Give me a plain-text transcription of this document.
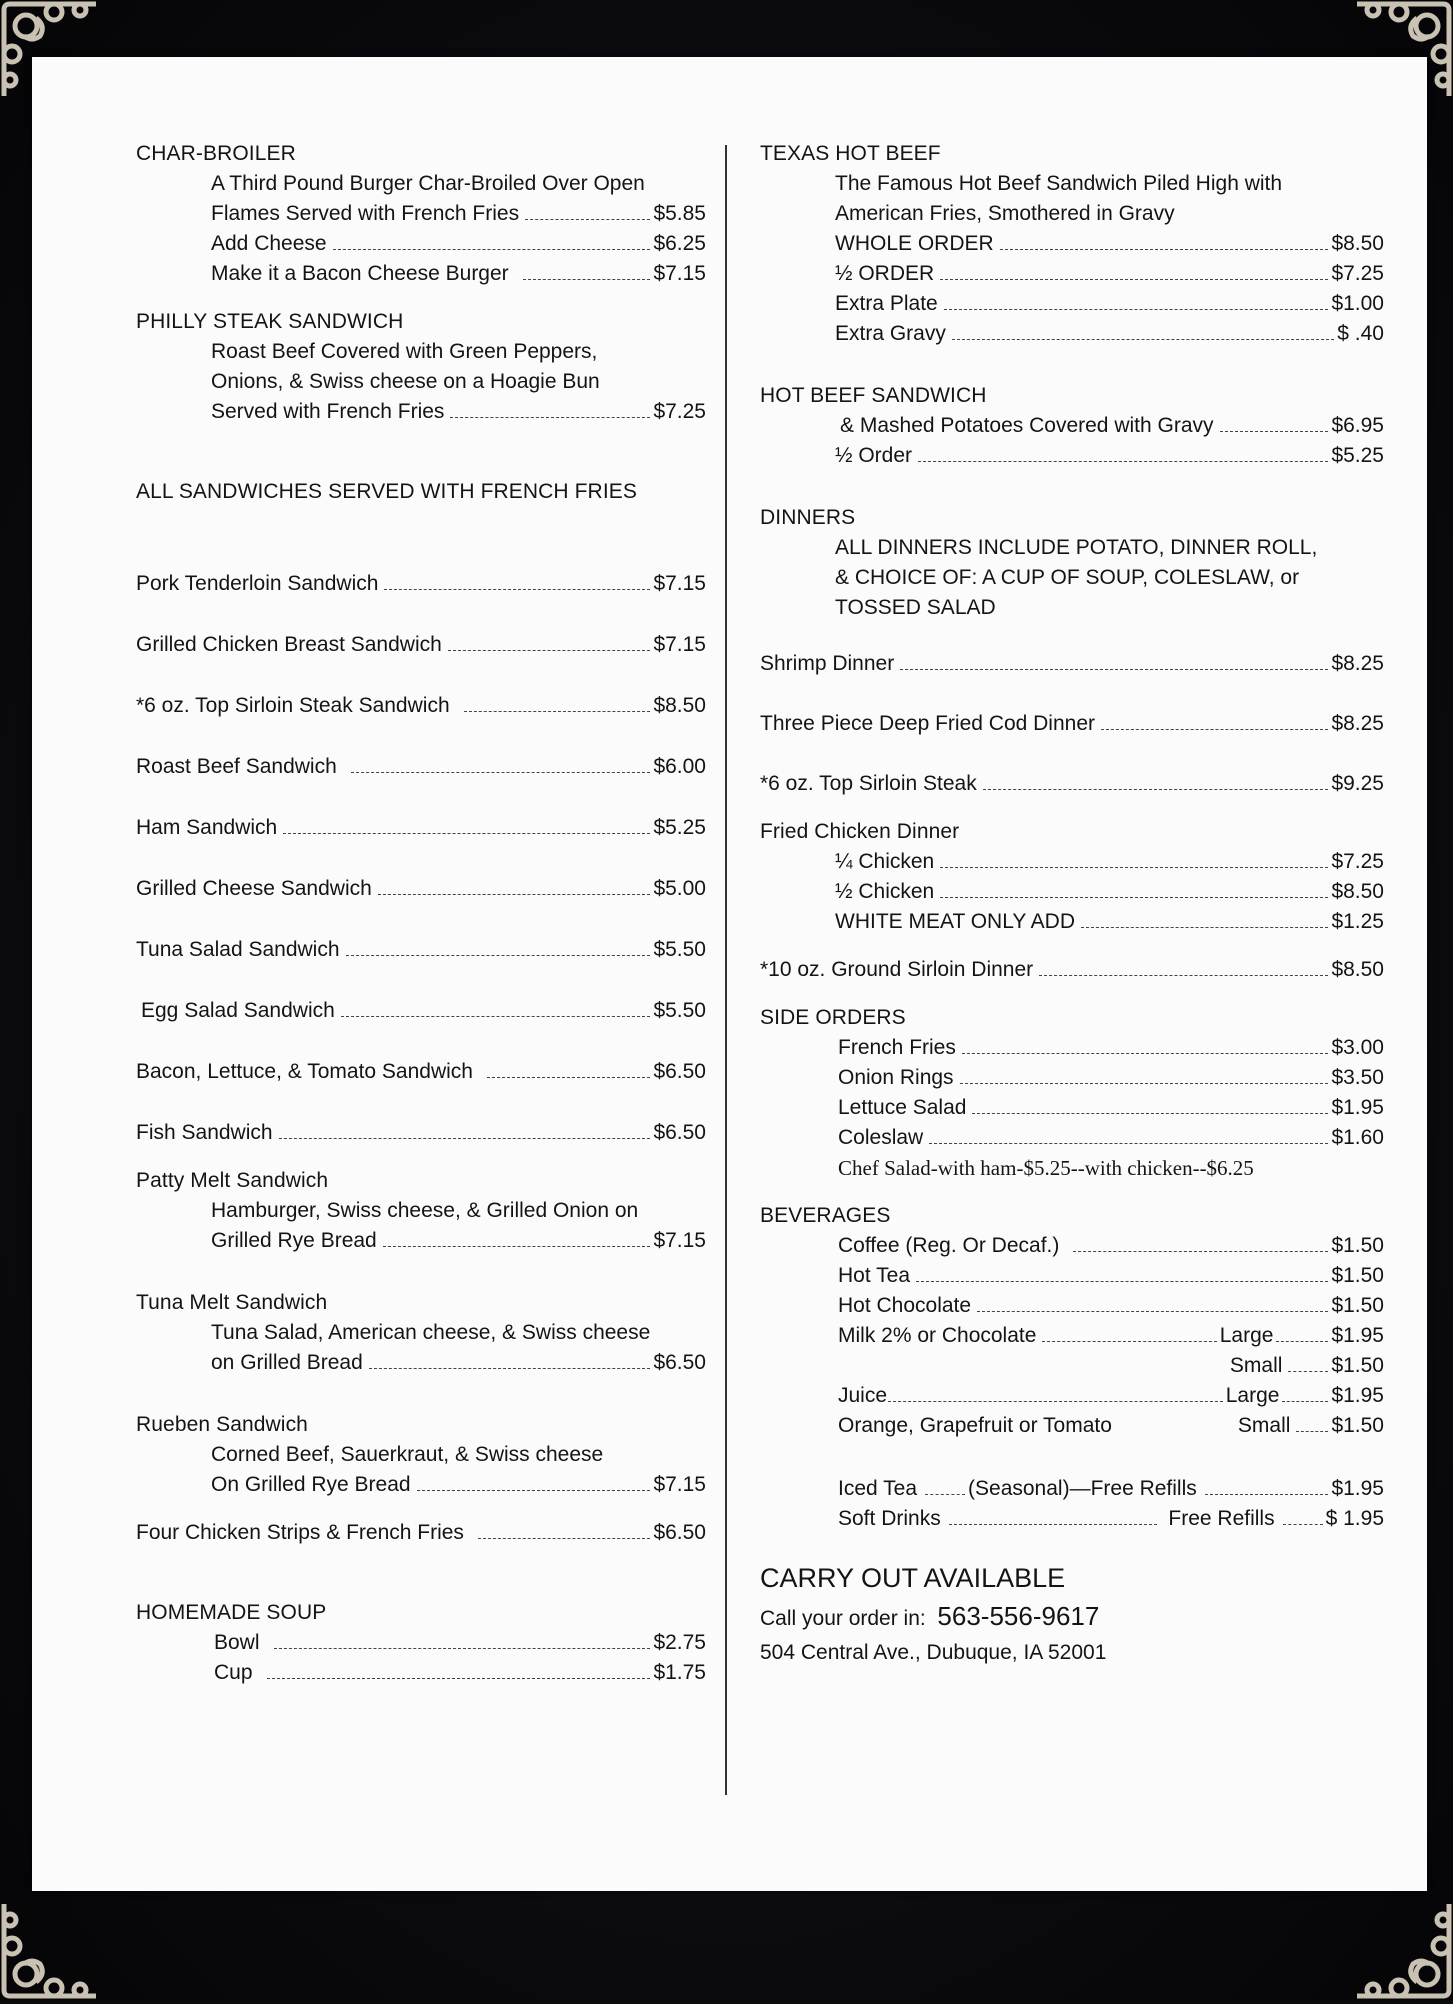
CHAR-BROILER
A Third Pound Burger Char-Broiled Over Open
Flames Served with French Fries	$5.85
Add Cheese	$6.25
Make it a Bacon Cheese Burger	$7.15
PHILLY STEAK SANDWICH
Roast Beef Covered with Green Peppers,
Onions, & Swiss cheese on a Hoagie Bun
Served with French Fries	$7.25
ALL SANDWICHES SERVED WITH FRENCH FRIES
Pork Tenderloin Sandwich	$7.15
Grilled Chicken Breast Sandwich	$7.15
*6 oz. Top Sirloin Steak Sandwich	$8.50
Roast Beef Sandwich	$6.00
Ham Sandwich	$5.25
Grilled Cheese Sandwich	$5.00
Tuna Salad Sandwich	$5.50
Egg Salad Sandwich	$5.50
Bacon, Lettuce, & Tomato Sandwich	$6.50
Fish Sandwich	$6.50
Patty Melt Sandwich
Hamburger, Swiss cheese, & Grilled Onion on
Grilled Rye Bread	$7.15
Tuna Melt Sandwich
Tuna Salad, American cheese, & Swiss cheese
on Grilled Bread	$6.50
Rueben Sandwich
Corned Beef, Sauerkraut, & Swiss cheese
On Grilled Rye Bread	$7.15
Four Chicken Strips & French Fries	$6.50
HOMEMADE SOUP
Bowl	$2.75
Cup	$1.75
TEXAS HOT BEEF
The Famous Hot Beef Sandwich Piled High with
American Fries, Smothered in Gravy
WHOLE ORDER	$8.50
½ ORDER	$7.25
Extra Plate	$1.00
Extra Gravy	$ .40
HOT BEEF SANDWICH
& Mashed Potatoes Covered with Gravy	$6.95
½ Order	$5.25
DINNERS
ALL DINNERS INCLUDE POTATO, DINNER ROLL,
& CHOICE OF: A CUP OF SOUP, COLESLAW, or
TOSSED SALAD
Shrimp Dinner	$8.25
Three Piece Deep Fried Cod Dinner	$8.25
*6 oz. Top Sirloin Steak	$9.25
Fried Chicken Dinner
¼ Chicken	$7.25
½ Chicken	$8.50
WHITE MEAT ONLY ADD	$1.25
*10 oz. Ground Sirloin Dinner	$8.50
SIDE ORDERS
French Fries	$3.00
Onion Rings	$3.50
Lettuce Salad	$1.95
Coleslaw	$1.60
Chef Salad-with ham-$5.25--with chicken--$6.25
BEVERAGES
Coffee (Reg. Or Decaf.)	$1.50
Hot Tea	$1.50
Hot Chocolate	$1.50
Milk 2% or Chocolate	Large	$1.95
Small $1.50
Juice	Large $1.95
Orange, Grapefruit or Tomato	Small $1.50
Iced Tea (Seasonal)—Free Refills	$1.95
Soft Drinks	Free Refills $ 1.95
CARRY OUT AVAILABLE
Call your order in: 563-556-9617
504 Central Ave., Dubuque, IA 52001
